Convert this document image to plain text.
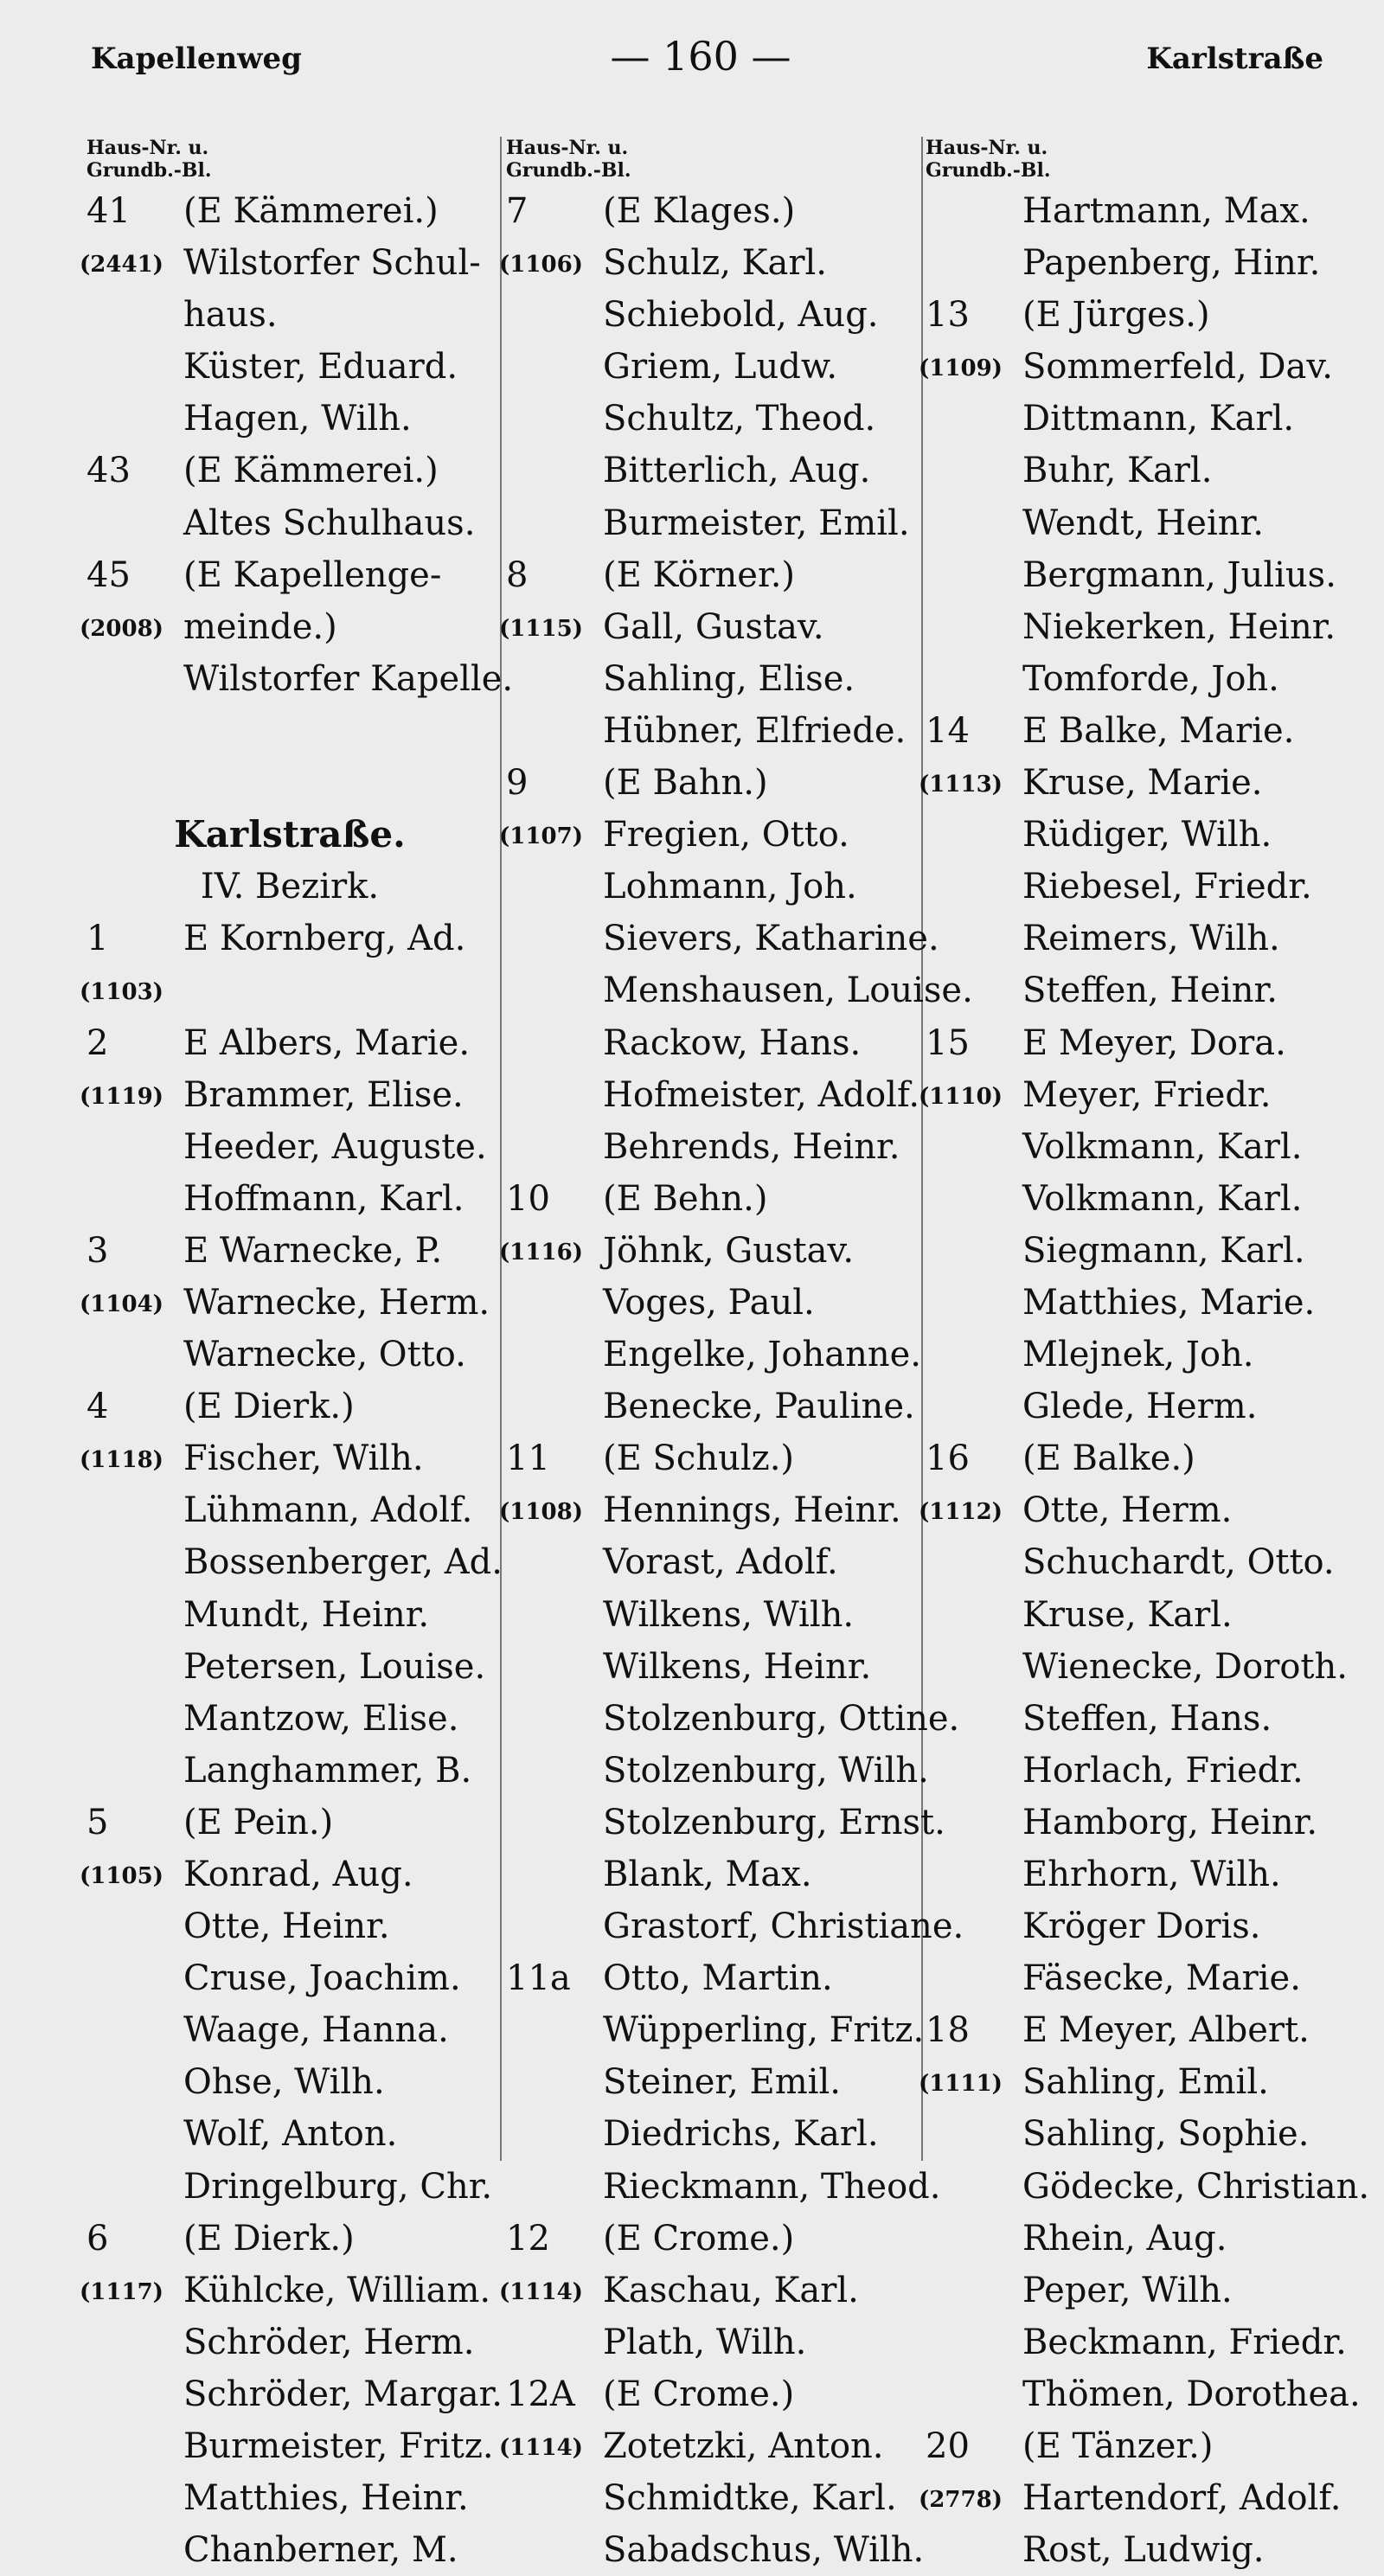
Kapellenweg	— 160 —	Karlstraße
Haus-Nr. u.
Grundb.-Bl.
41 (E Kämmerei.)
(2441) Wilstorfer Schul-
haus.
Küster, Eduard.
Hagen, Wilh.
43 (E Kämmerei.)
Altes Schulhaus.
45 (E Kapellenge-
(2008) meinde.)
Wilstorfer Kapelle.
Karlstraße.
IV. Bezirk.
1 E Kornberg, Ad.
(1103)
2 E Albers, Marie.
(1119) Brammer, Elise.
Heeder, Auguste.
Hoffmann, Karl.
3 E Warnecke, P.
(1104) Warnecke, Herm.
Warnecke, Otto.
4 (E Dierk.)
(1118) Fischer, Wilh.
Lühmann, Adolf.
Bossenberger, Ad.
Mundt, Heinr.
Petersen, Louise.
Mantzow, Elise.
Langhammer, B.
5 (E Pein.)
(1105) Konrad, Aug.
Otte, Heinr.
Cruse, Joachim.
Waage, Hanna.
Ohse, Wilh.
Wolf, Anton.
Dringelburg, Chr.
6 (E Dierk.)
(1117) Kühlcke, William.
Schröder, Herm.
Schröder, Margar.
Burmeister, Fritz.
Matthies, Heinr.
Chanberner, M.
Haus-Nr. u.
Grundb.-Bl.
7 (E Klages.)
(1106) Schulz, Karl.
Schiebold, Aug.
Griem, Ludw.
Schultz, Theod.
Bitterlich, Aug.
Burmeister, Emil.
8 (E Körner.)
(1115) Gall, Gustav.
Sahling, Elise.
Hübner, Elfriede.
9 (E Bahn.)
(1107) Fregien, Otto.
Lohmann, Joh.
Sievers, Katharine.
Menshausen, Louise.
Rackow, Hans.
Hofmeister, Adolf.
Behrends, Heinr.
10 (E Behn.)
(1116) Jöhnk, Gustav.
Voges, Paul.
Engelke, Johanne.
Benecke, Pauline.
11 (E Schulz.)
(1108) Hennings, Heinr.
Vorast, Adolf.
Wilkens, Wilh.
Wilkens, Heinr.
Stolzenburg, Ottine.
Stolzenburg, Wilh.
Stolzenburg, Ernst.
Blank, Max.
Grastorf, Christiane.
11a Otto, Martin.
Wüpperling, Fritz.
Steiner, Emil.
Diedrichs, Karl.
Rieckmann, Theod.
12 (E Crome.)
(1114) Kaschau, Karl.
Plath, Wilh.
12A (E Crome.)
(1114) Zotetzki, Anton.
Schmidtke, Karl.
Sabadschus, Wilh.
Haus-Nr. u.
Grundb.-Bl.
Hartmann, Max.
Papenberg, Hinr.
13 (E Jürges.)
(1109) Sommerfeld, Dav.
Dittmann, Karl.
Buhr, Karl.
Wendt, Heinr.
Bergmann, Julius.
Niekerken, Heinr.
Tomforde, Joh.
14 E Balke, Marie.
(1113) Kruse, Marie.
Rüdiger, Wilh.
Riebesel, Friedr.
Reimers, Wilh.
Steffen, Heinr.
15 E Meyer, Dora.
(1110) Meyer, Friedr.
Volkmann, Karl.
Volkmann, Karl.
Siegmann, Karl.
Matthies, Marie.
Mlejnek, Joh.
Glede, Herm.
16 (E Balke.)
(1112) Otte, Herm.
Schuchardt, Otto.
Kruse, Karl.
Wienecke, Doroth.
Steffen, Hans.
Horlach, Friedr.
Hamborg, Heinr.
Ehrhorn, Wilh.
Kröger Doris.
Fäsecke, Marie.
18 E Meyer, Albert.
(1111) Sahling, Emil.
Sahling, Sophie.
Gödecke, Christian.
Rhein, Aug.
Peper, Wilh.
Beckmann, Friedr.
Thömen, Dorothea.
20 (E Tänzer.)
(2778) Hartendorf, Adolf.
Rost, Ludwig.
